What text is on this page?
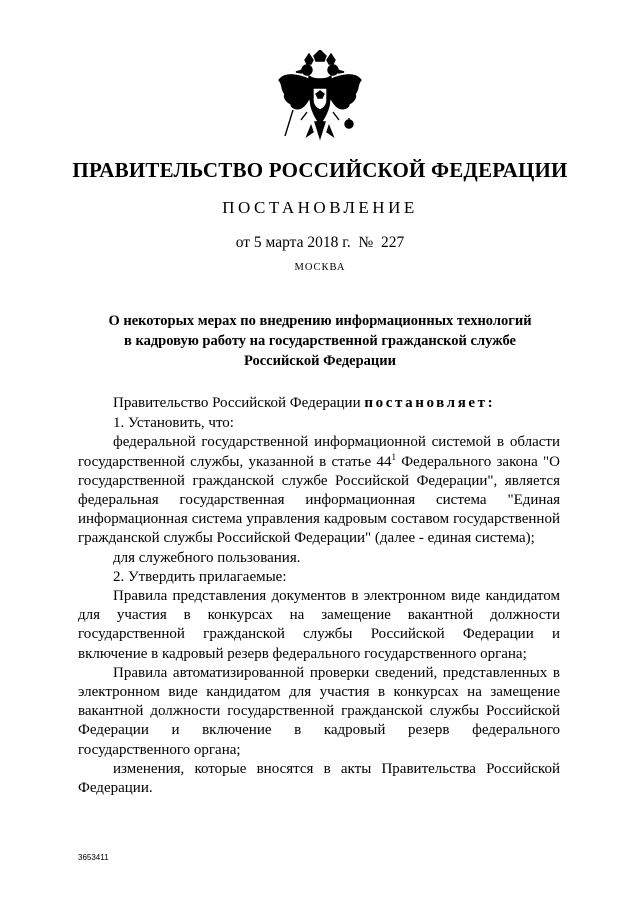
ПРАВИТЕЛЬСТВО РОССИЙСКОЙ ФЕДЕРАЦИИ
ПОСТАНОВЛЕНИЕ
от 5 марта 2018 г.  №  227
МОСКВА
О некоторых мерах по внедрению информационных технологий
в кадровую работу на государственной гражданской службе
Российской Федерации

Правительство Российской Федерации постановляет:

1. Установить, что:

федеральной государственной информационной системой в области государственной службы, указанной в статье $44^1$ Федерального закона "О государственной гражданской службе Российской Федерации", является федеральная государственная информационная система "Единая информационная система управления кадровым составом государственной гражданской службы Российской Федерации" (далее - единая система);

для служебного пользования.

2. Утвердить прилагаемые:

Правила представления документов в электронном виде кандидатом для участия в конкурсах на замещение вакантной должности государственной гражданской службы Российской Федерации и включение в кадровый резерв федерального государственного органа;

Правила автоматизированной проверки сведений, представленных в электронном виде кандидатом для участия в конкурсах на замещение вакантной должности государственной гражданской службы Российской Федерации и включение в кадровый резерв федерального государственного органа;

изменения, которые вносятся в акты Правительства Российской Федерации.

3653411
